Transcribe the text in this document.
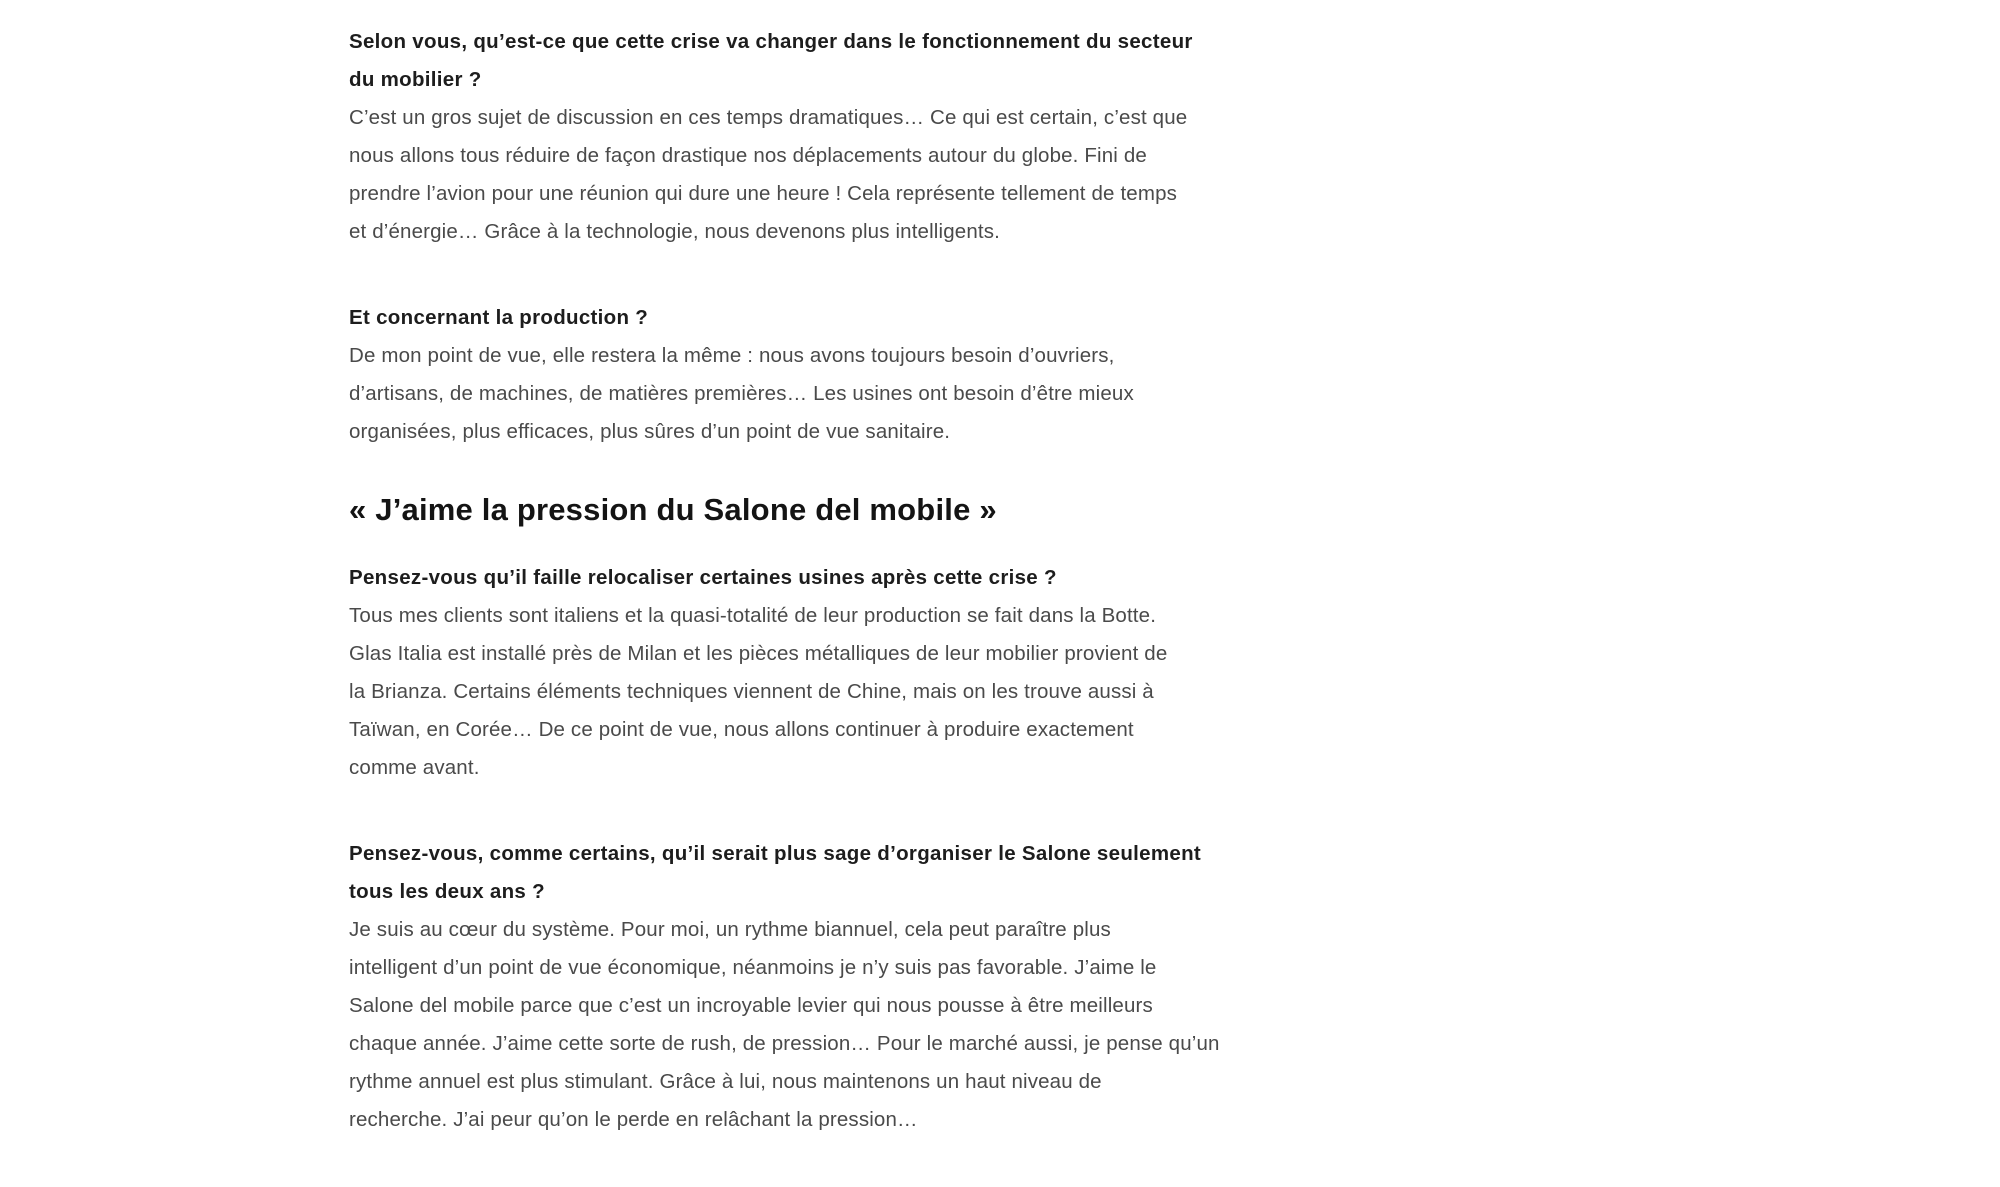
Selon vous, qu’est-ce que cette crise va changer dans le fonctionnement du secteur
du mobilier ?
C’est un gros sujet de discussion en ces temps dramatiques… Ce qui est certain, c’est que
nous allons tous réduire de façon drastique nos déplacements autour du globe. Fini de
prendre l’avion pour une réunion qui dure une heure ! Cela représente tellement de temps
et d’énergie… Grâce à la technologie, nous devenons plus intelligents.
Et concernant la production ?
De mon point de vue, elle restera la même : nous avons toujours besoin d’ouvriers,
d’artisans, de machines, de matières premières… Les usines ont besoin d’être mieux
organisées, plus efficaces, plus sûres d’un point de vue sanitaire.
« J’aime la pression du Salone del mobile »
Pensez-vous qu’il faille relocaliser certaines usines après cette crise ?
Tous mes clients sont italiens et la quasi-totalité de leur production se fait dans la Botte.
Glas Italia est installé près de Milan et les pièces métalliques de leur mobilier provient de
la Brianza. Certains éléments techniques viennent de Chine, mais on les trouve aussi à
Taïwan, en Corée… De ce point de vue, nous allons continuer à produire exactement
comme avant.
Pensez-vous, comme certains, qu’il serait plus sage d’organiser le Salone seulement
tous les deux ans ?
Je suis au cœur du système. Pour moi, un rythme biannuel, cela peut paraître plus
intelligent d’un point de vue économique, néanmoins je n’y suis pas favorable. J’aime le
Salone del mobile parce que c’est un incroyable levier qui nous pousse à être meilleurs
chaque année. J’aime cette sorte de rush, de pression… Pour le marché aussi, je pense qu’un
rythme annuel est plus stimulant. Grâce à lui, nous maintenons un haut niveau de
recherche. J’ai peur qu’on le perde en relâchant la pression…
